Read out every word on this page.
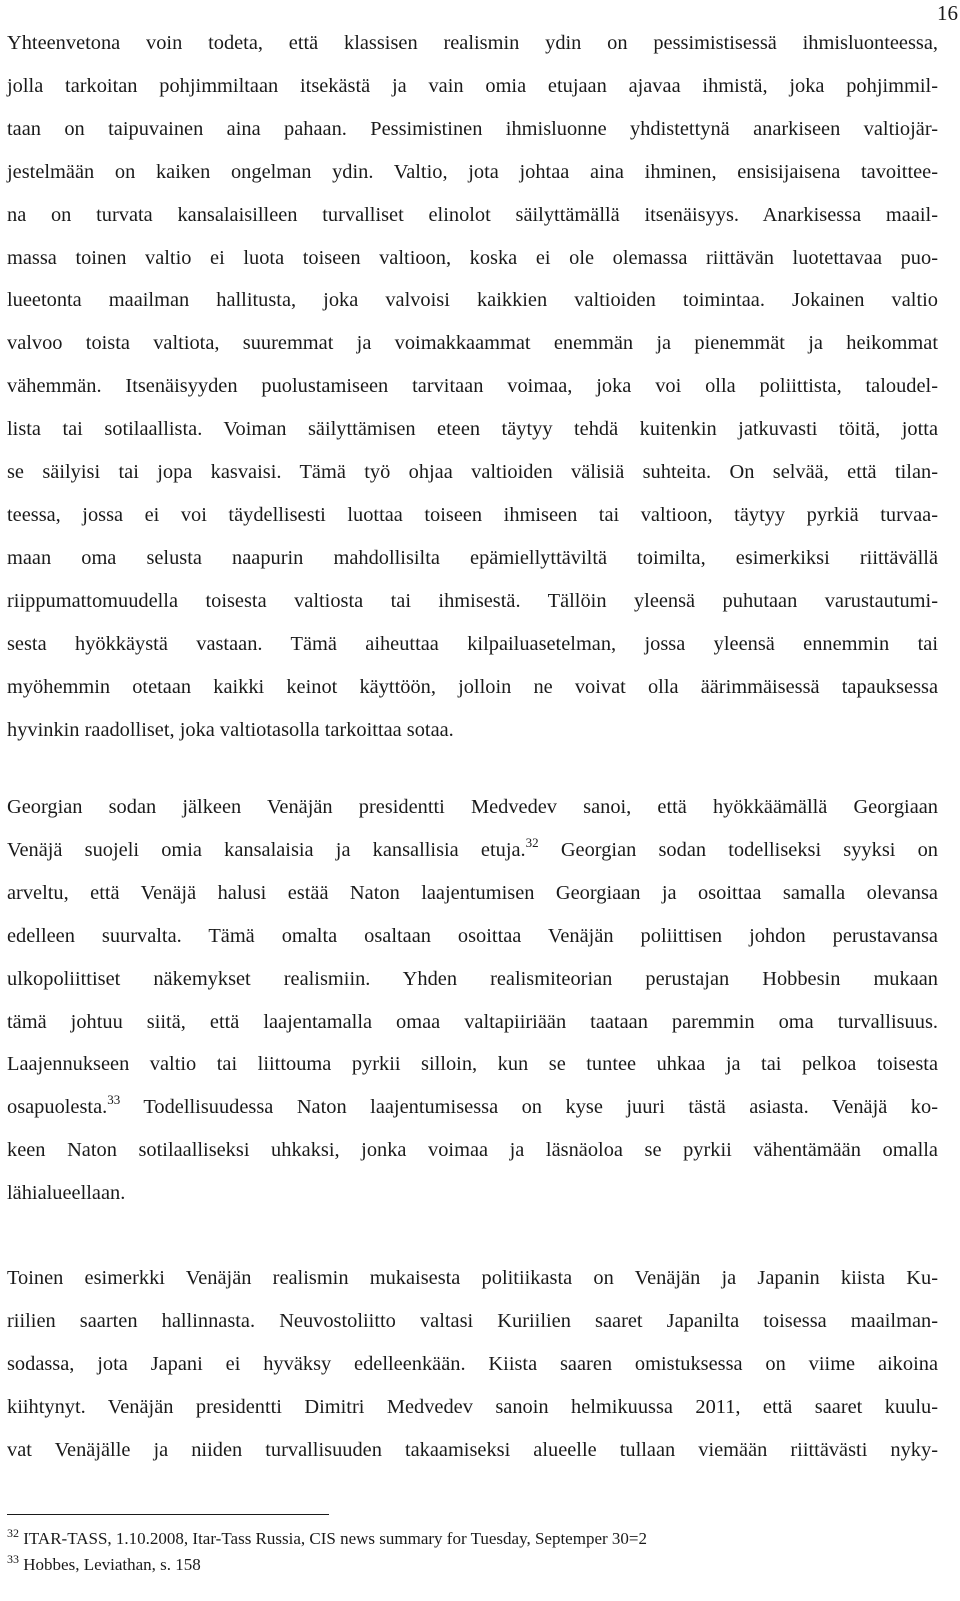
16
Yhteenvetona voin todeta, että klassisen realismin ydin on pessimistisessä ihmisluonteessa,
jolla tarkoitan pohjimmiltaan itsekästä ja vain omia etujaan ajavaa ihmistä, joka pohjimmil-
taan on taipuvainen aina pahaan. Pessimistinen ihmisluonne yhdistettynä anarkiseen valtiojär-
jestelmään on kaiken ongelman ydin. Valtio, jota johtaa aina ihminen, ensisijaisena tavoittee-
na on turvata kansalaisilleen turvalliset elinolot säilyttämällä itsenäisyys. Anarkisessa maail-
massa toinen valtio ei luota toiseen valtioon, koska ei ole olemassa riittävän luotettavaa puo-
lueetonta maailman hallitusta, joka valvoisi kaikkien valtioiden toimintaa. Jokainen valtio
valvoo toista valtiota, suuremmat ja voimakkaammat enemmän ja pienemmät ja heikommat
vähemmän. Itsenäisyyden puolustamiseen tarvitaan voimaa, joka voi olla poliittista, taloudel-
lista tai sotilaallista. Voiman säilyttämisen eteen täytyy tehdä kuitenkin jatkuvasti töitä, jotta
se säilyisi tai jopa kasvaisi. Tämä työ ohjaa valtioiden välisiä suhteita. On selvää, että tilan-
teessa, jossa ei voi täydellisesti luottaa toiseen ihmiseen tai valtioon, täytyy pyrkiä turvaa-
maan oma selusta naapurin mahdollisilta epämiellyttäviltä toimilta, esimerkiksi riittävällä
riippumattomuudella toisesta valtiosta tai ihmisestä. Tällöin yleensä puhutaan varustautumi-
sesta hyökkäystä vastaan. Tämä aiheuttaa kilpailuasetelman, jossa yleensä ennemmin tai
myöhemmin otetaan kaikki keinot käyttöön, jolloin ne voivat olla äärimmäisessä tapauksessa
hyvinkin raadolliset, joka valtiotasolla tarkoittaa sotaa.
Georgian sodan jälkeen Venäjän presidentti Medvedev sanoi, että hyökkäämällä Georgiaan
Venäjä suojeli omia kansalaisia ja kansallisia etuja.$^{32}$ Georgian sodan todelliseksi syyksi on
arveltu, että Venäjä halusi estää Naton laajentumisen Georgiaan ja osoittaa samalla olevansa
edelleen suurvalta. Tämä omalta osaltaan osoittaa Venäjän poliittisen johdon perustavansa
ulkopoliittiset näkemykset realismiin. Yhden realismiteorian perustajan Hobbesin mukaan
tämä johtuu siitä, että laajentamalla omaa valtapiiriään taataan paremmin oma turvallisuus.
Laajennukseen valtio tai liittouma pyrkii silloin, kun se tuntee uhkaa ja tai pelkoa toisesta
osapuolesta.$^{33}$ Todellisuudessa Naton laajentumisessa on kyse juuri tästä asiasta. Venäjä ko-
keen Naton sotilaalliseksi uhkaksi, jonka voimaa ja läsnäoloa se pyrkii vähentämään omalla
lähialueellaan.
Toinen esimerkki Venäjän realismin mukaisesta politiikasta on Venäjän ja Japanin kiista Ku-
riilien saarten hallinnasta. Neuvostoliitto valtasi Kuriilien saaret Japanilta toisessa maailman-
sodassa, jota Japani ei hyväksy edelleenkään. Kiista saaren omistuksessa on viime aikoina
kiihtynyt. Venäjän presidentti Dimitri Medvedev sanoin helmikuussa 2011, että saaret kuulu-
vat Venäjälle ja niiden turvallisuuden takaamiseksi alueelle tullaan viemään riittävästi nyky-
$^{32}$ ITAR-TASS, 1.10.2008, Itar-Tass Russia, CIS news summary for Tuesday, Septemper 30=2
$^{33}$ Hobbes, Leviathan, s. 158
